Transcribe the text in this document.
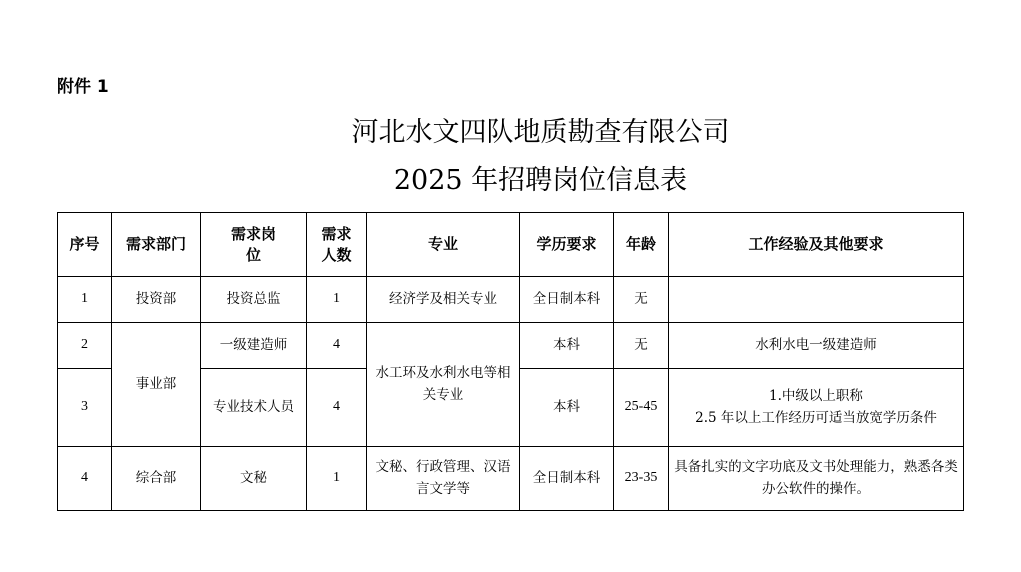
附件 1
河北水文四队地质勘查有限公司
2025 年招聘岗位信息表
序号	需求部门	需求岗位	需求人数	专业	学历要求	年龄	工作经验及其他要求
1	投资部	投资总监	1	经济学及相关专业	全日制本科	无	
2	事业部	一级建造师	4	水工环及水利水电等相关专业	本科	无	水利水电一级建造师
3		专业技术人员	4		本科	25-45	1.中级以上职称
2.5 年以上工作经历可适当放宽学历条件

4	综合部	文秘	1	文秘、行政管理、汉语言文学等	全日制本科	23-35	具备扎实的文字功底及文书处理能力，熟悉各类办公软件的操作。
